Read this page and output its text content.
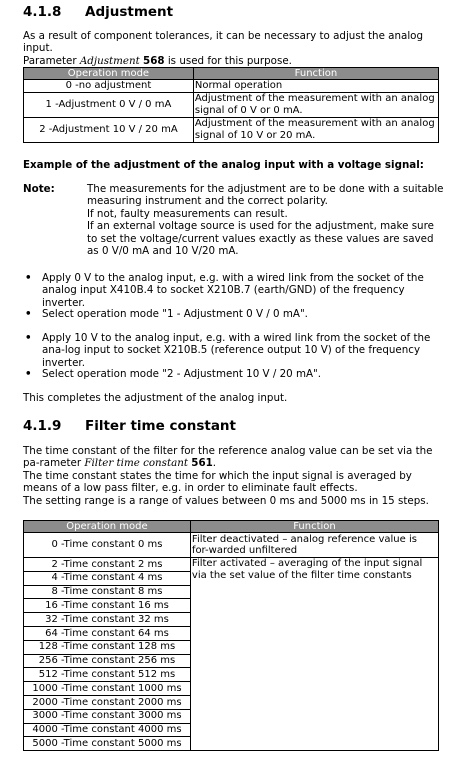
4.1.8 Adjustment

As a result of component tolerances, it can be necessary to adjust the analog input.
Parameter Adjustment 568 is used for this purpose.

Operation mode	Function
0 -no adjustment	Normal operation
1 -Adjustment 0 V / 0 mA	Adjustment of the measurement with an analog signal of 0 V or 0 mA.
2 -Adjustment 10 V / 20 mA	Adjustment of the measurement with an analog signal of 10 V or 20 mA.

Example of the adjustment of the analog input with a voltage signal:

Note:	The measurements for the adjustment are to be done with a suitable measuring instrument and the correct polarity.
If not, faulty measurements can result.
If an external voltage source is used for the adjustment, make sure to set the voltage/current values exactly as these values are saved as 0 V/0 mA and 10 V/20 mA.
• Apply 0 V to the analog input, e.g. with a wired link from the socket of the analog input X410B.4 to socket X210B.7 (earth/GND) of the frequency inverter.
• Select operation mode "1 - Adjustment 0 V / 0 mA".
• Apply 10 V to the analog input, e.g. with a wired link from the socket of the ana-log input to socket X210B.5 (reference output 10 V) of the frequency inverter.
• Select operation mode "2 - Adjustment 10 V / 20 mA".

This completes the adjustment of the analog input.

4.1.9 Filter time constant

The time constant of the filter for the reference analog value can be set via the pa-rameter Filter time constant 561.
The time constant states the time for which the input signal is averaged by means of a low pass filter, e.g. in order to eliminate fault effects.
The setting range is a range of values between 0 ms and 5000 ms in 15 steps.

Operation mode	Function
0 -Time constant 0 ms	Filter deactivated – analog reference value is for-warded unfiltered
2 -Time constant 2 ms	Filter activated – averaging of the input signal via the set value of the filter time constants
4 -Time constant 4 ms	
8 -Time constant 8 ms	
16 -Time constant 16 ms	
32 -Time constant 32 ms	
64 -Time constant 64 ms	
128 -Time constant 128 ms	
256 -Time constant 256 ms	
512 -Time constant 512 ms	
1000 -Time constant 1000 ms	
2000 -Time constant 2000 ms	
3000 -Time constant 3000 ms	
4000 -Time constant 4000 ms	
5000 -Time constant 5000 ms	
